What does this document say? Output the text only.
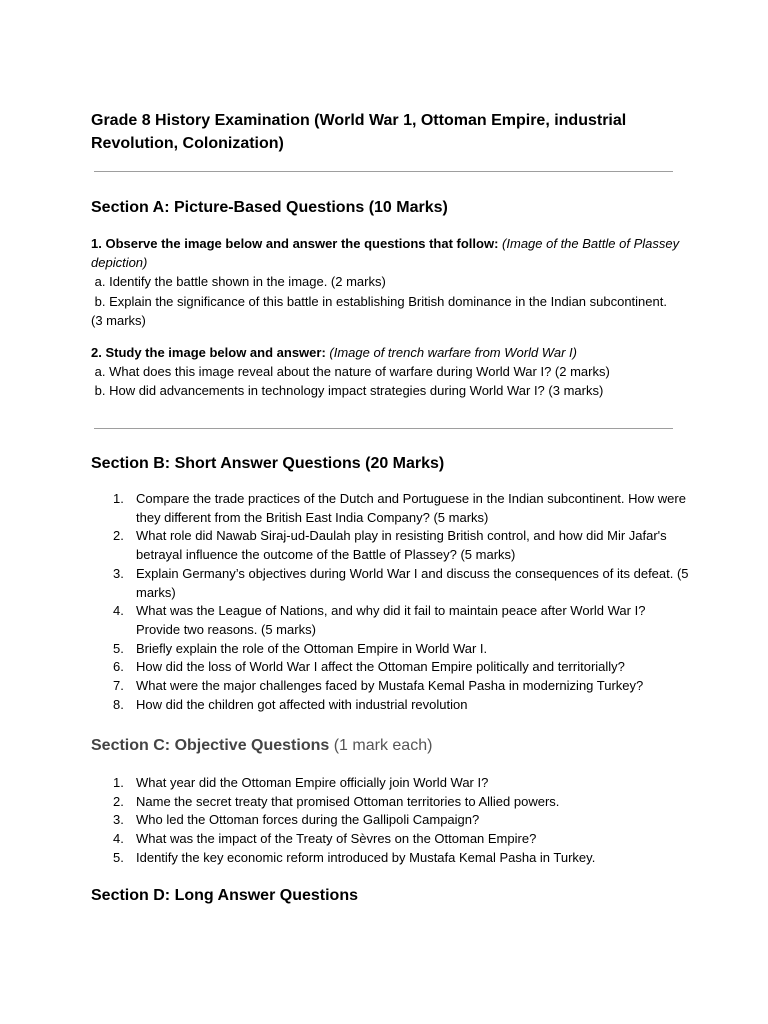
Grade 8 History Examination (World War 1, Ottoman Empire, industrial Revolution, Colonization)
Section A: Picture-Based Questions (10 Marks)

1. Observe the image below and answer the questions that follow: (Image of the Battle of Plassey depiction)

a. Identify the battle shown in the image. (2 marks)

b. Explain the significance of this battle in establishing British dominance in the Indian subcontinent. (3 marks)

2. Study the image below and answer: (Image of trench warfare from World War I)

a. What does this image reveal about the nature of warfare during World War I? (2 marks)

b. How did advancements in technology impact strategies during World War I? (3 marks)

Section B: Short Answer Questions (20 Marks)
1. Compare the trade practices of the Dutch and Portuguese in the Indian subcontinent. How were they different from the British East India Company? (5 marks)
2. What role did Nawab Siraj-ud-Daulah play in resisting British control, and how did Mir Jafar's betrayal influence the outcome of the Battle of Plassey? (5 marks)
3. Explain Germany’s objectives during World War I and discuss the consequences of its defeat. (5 marks)
4. What was the League of Nations, and why did it fail to maintain peace after World War I? Provide two reasons. (5 marks)
5. Briefly explain the role of the Ottoman Empire in World War I.
6. How did the loss of World War I affect the Ottoman Empire politically and territorially?
7. What were the major challenges faced by Mustafa Kemal Pasha in modernizing Turkey?
8. How did the children got affected with industrial revolution
Section C: Objective Questions (1 mark each)
1. What year did the Ottoman Empire officially join World War I?
2. Name the secret treaty that promised Ottoman territories to Allied powers.
3. Who led the Ottoman forces during the Gallipoli Campaign?
4. What was the impact of the Treaty of Sèvres on the Ottoman Empire?
5. Identify the key economic reform introduced by Mustafa Kemal Pasha in Turkey.
Section D: Long Answer Questions
